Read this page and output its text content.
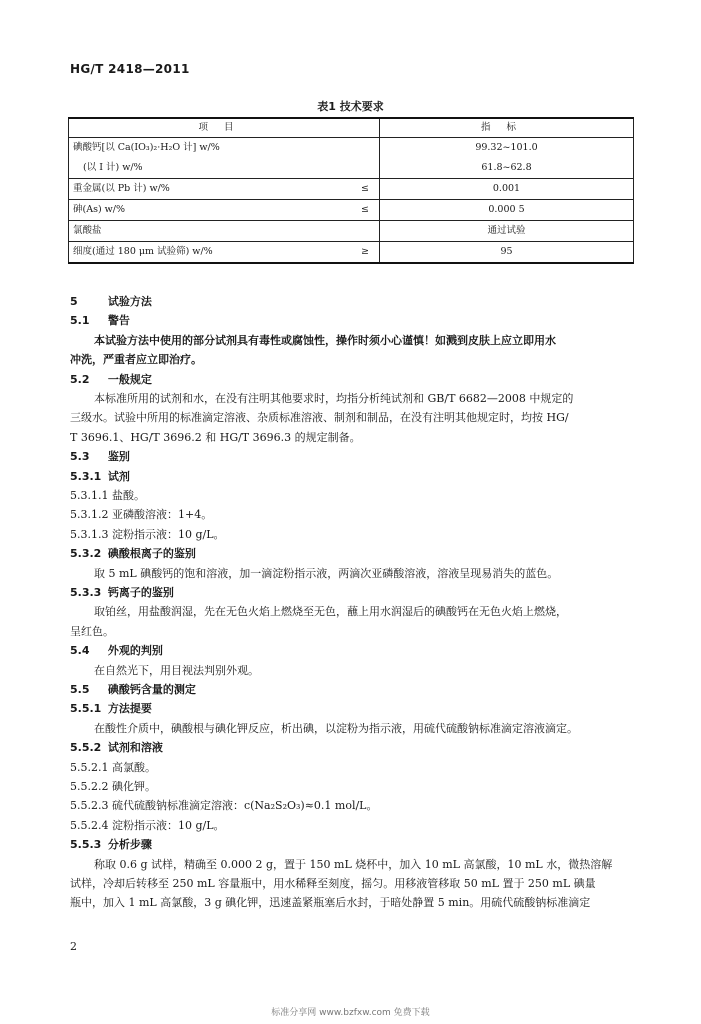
HG/T 2418—2011
表1 技术要求
项目		指标
碘酸钙[以 Ca(IO₃)₂·H₂O 计] w/%		99.32~101.0
(以 I 计) w/%		61.8~62.8
重金属(以 Pb 计) w/%	≤	0.001
砷(As) w/%	≤	0.000 5
氯酸盐		通过试验
细度(通过 180 μm 试验筛) w/%	≥	95
5	试验方法
5.1 警告
本试验方法中使用的部分试剂具有毒性或腐蚀性，操作时须小心谨慎！如溅到皮肤上应立即用水
冲洗，严重者应立即治疗。
5.2 一般规定
本标准所用的试剂和水，在没有注明其他要求时，均指分析纯试剂和 GB/T 6682—2008 中规定的
三级水。试验中所用的标准滴定溶液、杂质标准溶液、制剂和制品，在没有注明其他规定时，均按 HG/
T 3696.1、HG/T 3696.2 和 HG/T 3696.3 的规定制备。
5.3 鉴别
5.3.1 试剂
5.3.1.1 盐酸。
5.3.1.2 亚磷酸溶液：1+4。
5.3.1.3 淀粉指示液：10 g/L。
5.3.2 碘酸根离子的鉴别
取 5 mL 碘酸钙的饱和溶液，加一滴淀粉指示液，两滴次亚磷酸溶液，溶液呈现易消失的蓝色。
5.3.3 钙离子的鉴别
取铂丝，用盐酸润湿，先在无色火焰上燃烧至无色，蘸上用水润湿后的碘酸钙在无色火焰上燃烧，
呈红色。
5.4 外观的判别
在自然光下，用目视法判别外观。
5.5 碘酸钙含量的测定
5.5.1 方法提要
在酸性介质中，碘酸根与碘化钾反应，析出碘，以淀粉为指示液，用硫代硫酸钠标准滴定溶液滴定。
5.5.2 试剂和溶液
5.5.2.1 高氯酸。
5.5.2.2 碘化钾。
5.5.2.3 硫代硫酸钠标准滴定溶液：c(Na₂S₂O₃)≈0.1 mol/L。
5.5.2.4 淀粉指示液：10 g/L。
5.5.3 分析步骤
称取 0.6 g 试样，精确至 0.000 2 g，置于 150 mL 烧杯中，加入 10 mL 高氯酸，10 mL 水，微热溶解
试样，冷却后转移至 250 mL 容量瓶中，用水稀释至刻度，摇匀。用移液管移取 50 mL 置于 250 mL 碘量
瓶中，加入 1 mL 高氯酸，3 g 碘化钾，迅速盖紧瓶塞后水封，于暗处静置 5 min。用硫代硫酸钠标准滴定
2
标准分享网 www.bzfxw.com 免费下载
